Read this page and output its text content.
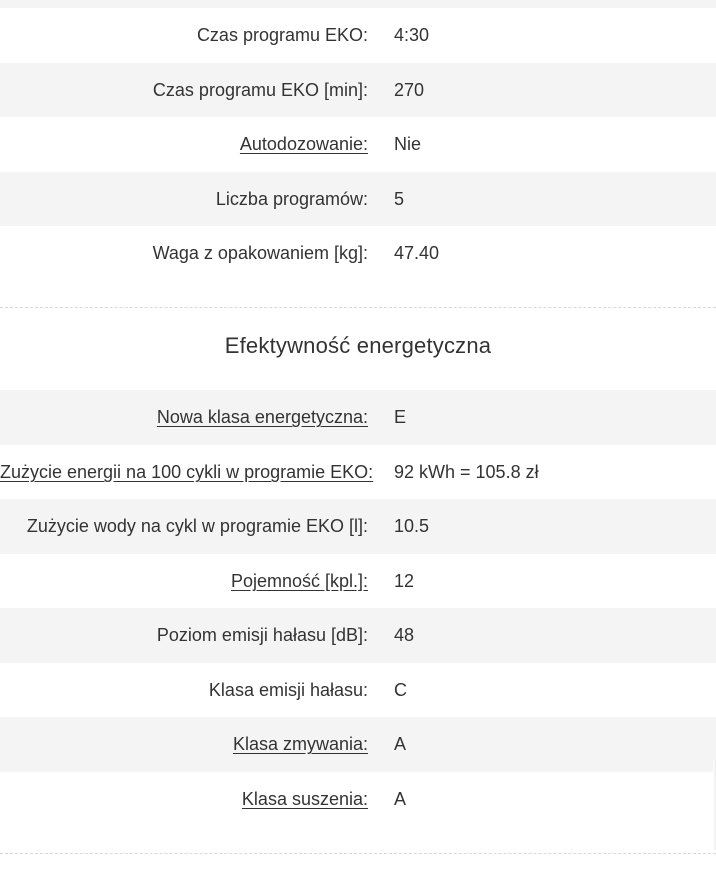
Czas programu EKO:	4:30
Czas programu EKO [min]:	270
Autodozowanie:	Nie
Liczba programów:	5
Waga z opakowaniem [kg]:	47.40
Efektywność energetyczna
Nowa klasa energetyczna:	E
Zużycie energii na 100 cykli w programie EKO:	92 kWh = 105.8 zł
Zużycie wody na cykl w programie EKO [l]:	10.5
Pojemność [kpl.]:	12
Poziom emisji hałasu [dB]:	48
Klasa emisji hałasu:	C
Klasa zmywania:	A
Klasa suszenia:	A
